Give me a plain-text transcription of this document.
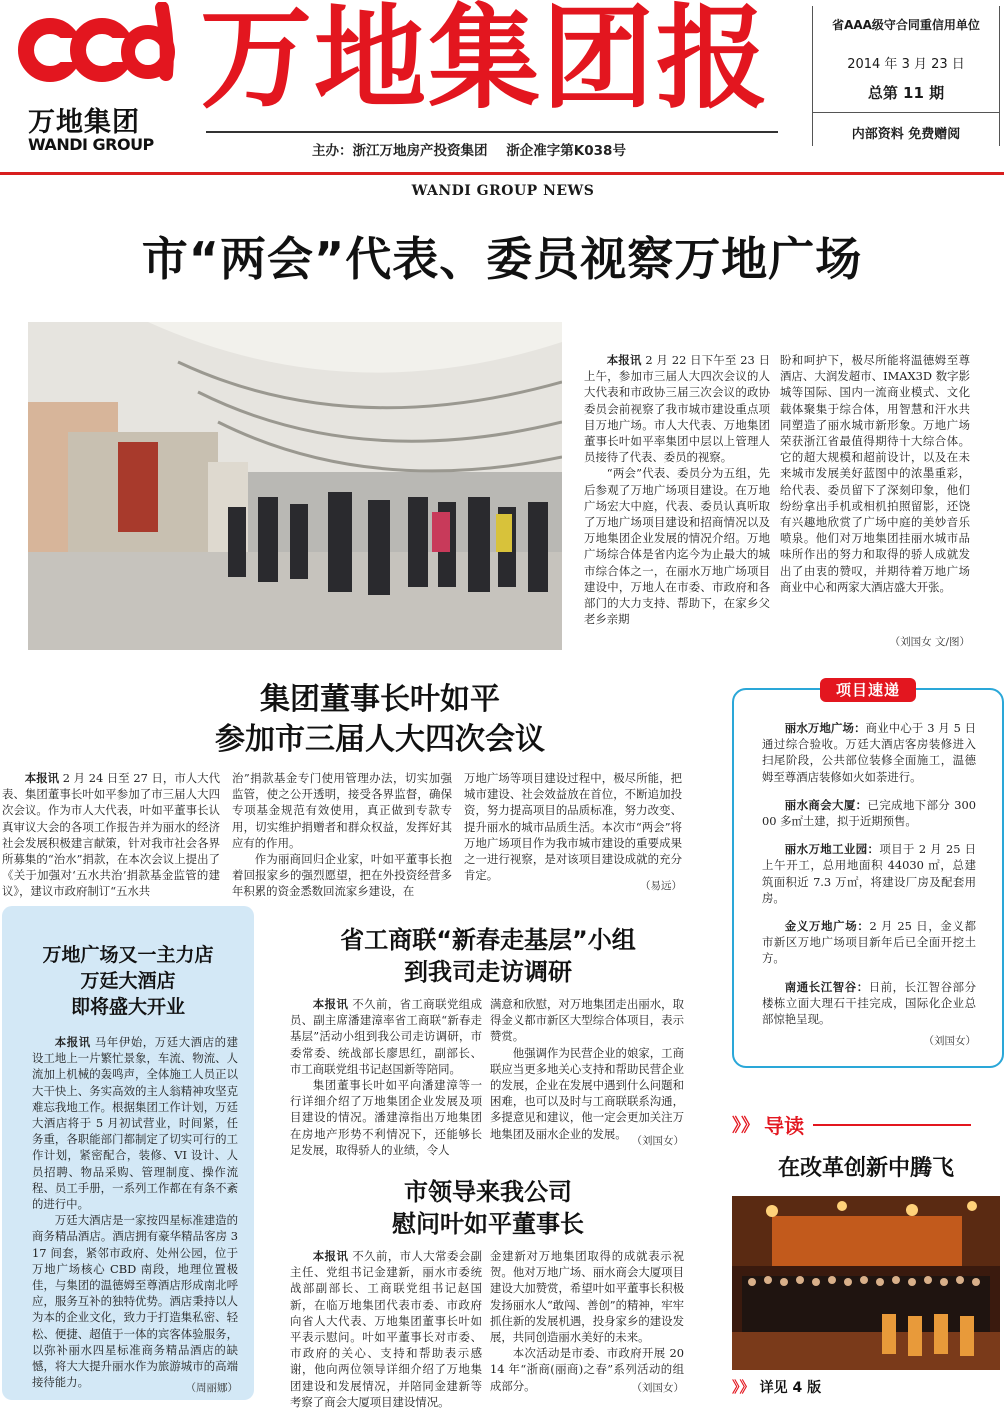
万地集团
WANDI GROUP
万地集团报
主办：浙江万地房产投资集团    浙企准字第K038号
省AAA级守合同重信用单位
2014 年 3 月 23 日
总第 11 期
内部资料 免费赠阅
WANDI GROUP NEWS
市“两会”代表、委员视察万地广场

本报讯 2 月 22 日下午至 23 日上午，参加市三届人大四次会议的人大代表和市政协三届三次会议的政协委员会前视察了我市城市建设重点项目万地广场。市人大代表、万地集团董事长叶如平率集团中层以上管理人员接待了代表、委员的视察。

“两会”代表、委员分为五组，先后参观了万地广场项目建设。在万地广场宏大中庭，代表、委员认真听取了万地广场项目建设和招商情况以及万地集团企业发展的情况介绍。万地广场综合体是省内迄今为止最大的城市综合体之一，在丽水万地广场项目建设中，万地人在市委、市政府和各部门的大力支持、帮助下，在家乡父老乡亲期

盼和呵护下，极尽所能将温德姆至尊酒店、大润发超市、IMAX3D 数字影城等国际、国内一流商业模式、文化载体聚集于综合体，用智慧和汗水共同塑造了丽水城市新形象。万地广场荣获浙江省最值得期待十大综合体。它的超大规模和超前设计，以及在未来城市发展美好蓝图中的浓墨重彩，给代表、委员留下了深刻印象，他们纷纷拿出手机或相机拍照留影，还饶有兴趣地欣赏了广场中庭的美妙音乐喷泉。他们对万地集团挂丽水城市品味所作出的努力和取得的骄人成就发出了由衷的赞叹，并期待着万地广场商业中心和两家大酒店盛大开张。

（刘国女 文/图）
集团董事长叶如平
参加市三届人大四次会议

本报讯 2 月 24 日至 27 日，市人大代表、集团董事长叶如平参加了市三届人大四次会议。作为市人大代表，叶如平董事长认真审议大会的各项工作报告并为丽水的经济社会发展积极建言献策，针对我市社会各界所募集的“治水”捐款，在本次会议上提出了《关于加强对‘五水共治’捐款基金监管的建议》，建议市政府制订“五水共

治”捐款基金专门使用管理办法，切实加强监管，使之公开透明，接受各界监督，确保专项基金规范有效使用，真正做到专款专用，切实维护捐赠者和群众权益，发挥好其应有的作用。

作为丽商回归企业家，叶如平董事长抱着回报家乡的强烈愿望，把在外投资经营多年积累的资金悉数回流家乡建设，在

万地广场等项目建设过程中，极尽所能，把城市建设、社会效益放在首位，不断追加投资，努力提高项目的品质标准，努力改变、提升丽水的城市品质生活。本次市“两会”将万地广场项目作为我市城市建设的重要成果之一进行视察，是对该项目建设成就的充分肯定。

（易远）
项目速递

丽水万地广场：商业中心于 3 月 5 日通过综合验收。万廷大酒店客房装修进入扫尾阶段，公共部位装修全面施工，温德姆至尊酒店装修如火如荼进行。

丽水商会大厦：已完成地下部分 30000 多㎡土建，拟于近期预售。

丽水万地工业园：项目于 2 月 25 日上午开工，总用地面积 44030 ㎡，总建筑面积近 7.3 万㎡，将建设厂房及配套用房。

金义万地广场：2 月 25 日，金义都市新区万地广场项目新年后已全面开挖土方。

南通长江智谷：日前，长江智谷部分楼栋立面大理石干挂完成，国际化企业总部惊艳呈现。

（刘国女）
万地广场又一主力店
万廷大酒店
即将盛大开业

本报讯 马年伊始，万廷大酒店的建设工地上一片繁忙景象，车流、物流、人流加上机械的轰鸣声，全体施工人员正以大干快上、务实高效的主人翁精神攻坚克难忘我地工作。根据集团工作计划，万廷大酒店将于 5 月初试营业，时间紧，任务重，各职能部门都制定了切实可行的工作计划，紧密配合，装修、VI 设计、人员招聘、物品采购、管理制度、操作流程、员工手册，一系列工作都在有条不紊的进行中。

万廷大酒店是一家按四星标准建造的商务精品酒店。酒店拥有豪华精品客房 317 间套，紧邻市政府、处州公园，位于万地广场核心 CBD 南段，地理位置极佳，与集团的温德姆至尊酒店形成南北呼应，服务互补的独特优势。酒店秉持以人为本的企业文化，致力于打造集私密、轻松、便捷、超值于一体的宾客体验服务，以弥补丽水四星标准商务精品酒店的缺憾，将大大提升丽水作为旅游城市的高端接待能力。	（周丽娜）
省工商联“新春走基层”小组
到我司走访调研

本报讯 不久前，省工商联党组成员、副主席潘建漳率省工商联“新春走基层”活动小组到我公司走访调研，市委常委、统战部长廖思红，副部长、市工商联党组书记赵国新等陪同。

集团董事长叶如平向潘建漳等一行详细介绍了万地集团企业发展及项目建设的情况。潘建漳指出万地集团在房地产形势不利情况下，还能够长足发展，取得骄人的业绩，令人

满意和欣慰，对万地集团走出丽水，取得金义都市新区大型综合体项目，表示赞赏。

他强调作为民营企业的娘家，工商联应当更多地关心支持和帮助民营企业的发展，企业在发展中遇到什么问题和困难，也可以及时与工商联联系沟通，多提意见和建议，他一定会更加关注万地集团及丽水企业的发展。

（刘国女）
市领导来我公司
慰问叶如平董事长

本报讯 不久前，市人大常委会副主任、党组书记金建新，丽水市委统战部副部长、工商联党组书记赵国新，在临万地集团代表市委、市政府向省人大代表、万地集团董事长叶如平表示慰问。叶如平董事长对市委、市政府的关心、支持和帮助表示感谢，他向两位领导详细介绍了万地集团建设和发展情况，并陪同金建新等考察了商会大厦项目建设情况。

金建新对万地集团取得的成就表示祝贺。他对万地广场、丽水商会大厦项目建设大加赞赏，希望叶如平董事长积极发扬丽水人“敢闯、善创”的精神，牢牢抓住新的发展机遇，投身家乡的建设发展，共同创造丽水美好的未来。

本次活动是市委、市政府开展 2014 年“浙商(丽商)之春”系列活动的组成部分。	（刘国女）
》》 导读
在改革创新中腾飞
》》 详见 4 版
